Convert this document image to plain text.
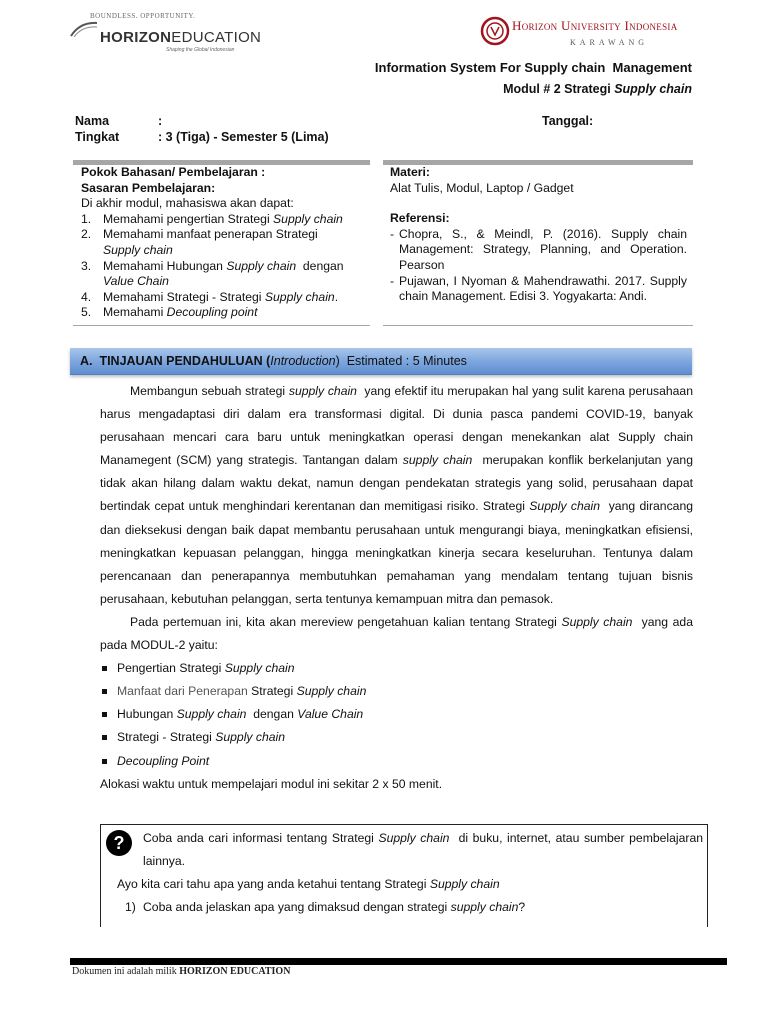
BOUNDLESS. OPPORTUNITY.
HORIZONEDUCATION
Shaping the Global Indonesian
Horizon University Indonesia
KARAWANG
Information System For Supply chain  Management
Modul # 2 Strategi Supply chain
Nama	:	Tanggal:
Tingkat	: 3 (Tiga) - Semester 5 (Lima)
Pokok Bahasan/ Pembelajaran :
Sasaran Pembelajaran:
Di akhir modul, mahasiswa akan dapat:
1. Memahami pengertian Strategi Supply chain
2. Memahami manfaat penerapan Strategi
Supply chain
3. Memahami Hubungan Supply chain  dengan
Value Chain
4. Memahami Strategi - Strategi Supply chain.
5. Memahami Decoupling point
Materi:
Alat Tulis, Modul, Laptop / Gadget
Referensi:
- Chopra, S., & Meindl, P. (2016). Supply chain Management: Strategy, Planning, and Operation. Pearson
- Pujawan, I Nyoman & Mahendrawathi. 2017. Supply chain Management. Edisi 3. Yogyakarta: Andi.
A.  TINJAUAN PENDAHULUAN (Introduction)  Estimated : 5 Minutes

Membangun sebuah strategi supply chain  yang efektif itu merupakan hal yang sulit karena perusahaan harus mengadaptasi diri dalam era transformasi digital. Di dunia pasca pandemi COVID-19, banyak perusahaan mencari cara baru untuk meningkatkan operasi dengan menekankan alat Supply chain   Manamegent (SCM) yang strategis. Tantangan dalam supply chain  merupakan konflik berkelanjutan yang tidak akan hilang dalam waktu dekat, namun dengan pendekatan strategis yang solid, perusahaan dapat bertindak cepat untuk menghindari kerentanan dan memitigasi risiko. Strategi Supply chain  yang dirancang dan dieksekusi dengan baik dapat membantu perusahaan untuk mengurangi biaya, meningkatkan efisiensi, meningkatkan kepuasan pelanggan, hingga meningkatkan kinerja secara keseluruhan. Tentunya dalam perencanaan dan penerapannya membutuhkan pemahaman yang mendalam tentang tujuan bisnis perusahaan, kebutuhan pelanggan, serta tentunya kemampuan mitra dan pemasok.

Pada pertemuan ini, kita akan mereview pengetahuan kalian tentang Strategi Supply chain  yang ada pada MODUL-2 yaitu:

Pengertian Strategi Supply chain
Manfaat dari Penerapan Strategi Supply chain
Hubungan Supply chain  dengan Value Chain
Strategi - Strategi Supply chain
Decoupling Point

Alokasi waktu untuk mempelajari modul ini sekitar 2 x 50 menit.

?	Coba anda cari informasi tentang Strategi Supply chain  di buku, internet, atau sumber pembelajaran lainnya.
Ayo kita cari tahu apa yang anda ketahui tentang Strategi Supply chain
1) Coba anda jelaskan apa yang dimaksud dengan strategi supply chain?
Dokumen ini adalah milik HORIZON EDUCATION
